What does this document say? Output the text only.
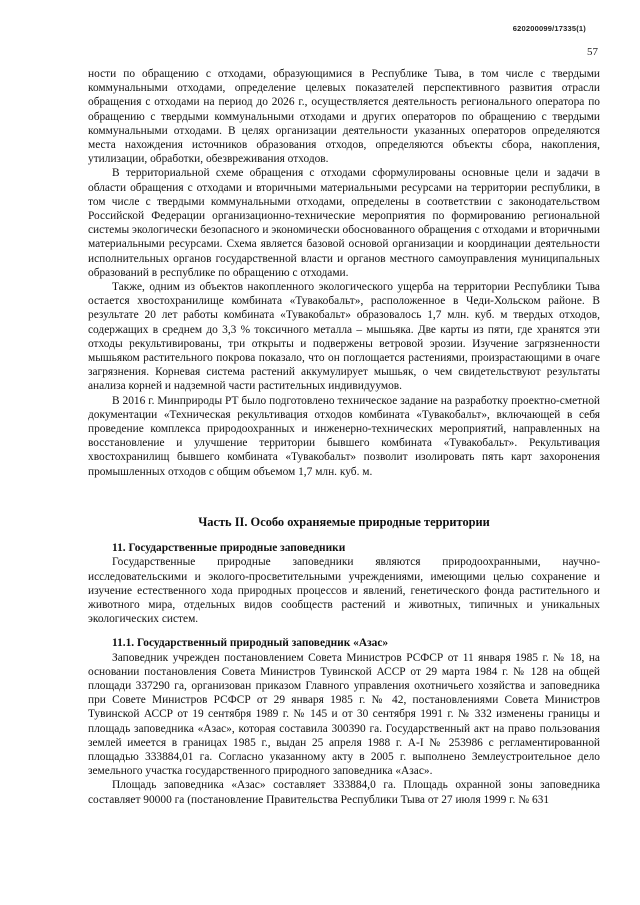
620200099/17335(1)
57

ности по обращению с отходами, образующимися в Республике Тыва, в том числе с твердыми коммунальными отходами, определение целевых показателей перспективного развития отрасли обращения с отходами на период до 2026 г., осуществляется деятельность регионального оператора по обращению с твердыми коммунальными отходами и других операторов по обращению с твердыми коммунальными отходами. В целях организации деятельности указанных операторов определяются места нахождения источников образования отходов, определяются объекты сбора, накопления, утилизации, обработки, обезвреживания отходов.

В территориальной схеме обращения с отходами сформулированы основные цели и задачи в области обращения с отходами и вторичными материальными ресурсами на территории республики, в том числе с твердыми коммунальными отходами, определены в соответствии с законодательством Российской Федерации организационно-технические мероприятия по формированию региональной системы экологически безопасного и экономически обоснованного обращения с отходами и вторичными материальными ресурсами. Схема является базовой основой организации и координации деятельности исполнительных органов государственной власти и органов местного самоуправления муниципальных образований в республике по обращению с отходами.

Также, одним из объектов накопленного экологического ущерба на территории Республики Тыва остается хвостохранилище комбината «Тувакобальт», расположенное в Чеди-Хольском районе. В результате 20 лет работы комбината «Тувакобальт» образовалось 1,7 млн. куб. м твердых отходов, содержащих в среднем до 3,3 % токсичного металла – мышьяка. Две карты из пяти, где хранятся эти отходы рекультивированы, три открыты и подвержены ветровой эрозии. Изучение загрязненности мышьяком растительного покрова показало, что он поглощается растениями, произрастающими в очаге загрязнения. Корневая система растений аккумулирует мышьяк, о чем свидетельствуют результаты анализа корней и надземной части растительных индивидуумов.

В 2016 г. Минприроды РТ было подготовлено техническое задание на разработку проектно-сметной документации «Техническая рекультивация отходов комбината «Тувакобальт», включающей в себя проведение комплекса природоохранных и инженерно-технических мероприятий, направленных на восстановление и улучшение территории бывшего комбината «Тувакобальт». Рекультивация хвостохранилищ бывшего комбината «Тувакобальт» позволит изолировать пять карт захоронения промышленных отходов с общим объемом 1,7 млн. куб. м.

Часть II. Особо охраняемые природные территории
11. Государственные природные заповедники

Государственные природные заповедники являются природоохранными, научно-исследовательскими и эколого-просветительными учреждениями, имеющими целью сохранение и изучение естественного хода природных процессов и явлений, генетического фонда растительного и животного мира, отдельных видов сообществ растений и животных, типичных и уникальных экологических систем.

11.1. Государственный природный заповедник «Азас»

Заповедник учрежден постановлением Совета Министров РСФСР от 11 января 1985 г. № 18, на основании постановления Совета Министров Тувинской АССР от 29 марта 1984 г. № 128 на общей площади 337290 га, организован приказом Главного управления охотничьего хозяйства и заповедника при Совете Министров РСФСР от 29 января 1985 г. № 42, постановлениями Совета Министров Тувинской АССР от 19 сентября 1989 г. № 145 и от 30 сентября 1991 г. № 332 изменены границы и площадь заповедника «Азас», которая составила 300390 га. Государственный акт на право пользования землей имеется в границах 1985 г., выдан 25 апреля 1988 г. А-I № 253986 с регламентированной площадью 333884,01 га. Согласно указанному акту в 2005 г. выполнено Землеустроительное дело земельного участка государственного природного заповедника «Азас».

Площадь заповедника «Азас» составляет 333884,0 га. Площадь охранной зоны заповедника составляет 90000 га (постановление Правительства Республики Тыва от 27 июля 1999 г. № 631
